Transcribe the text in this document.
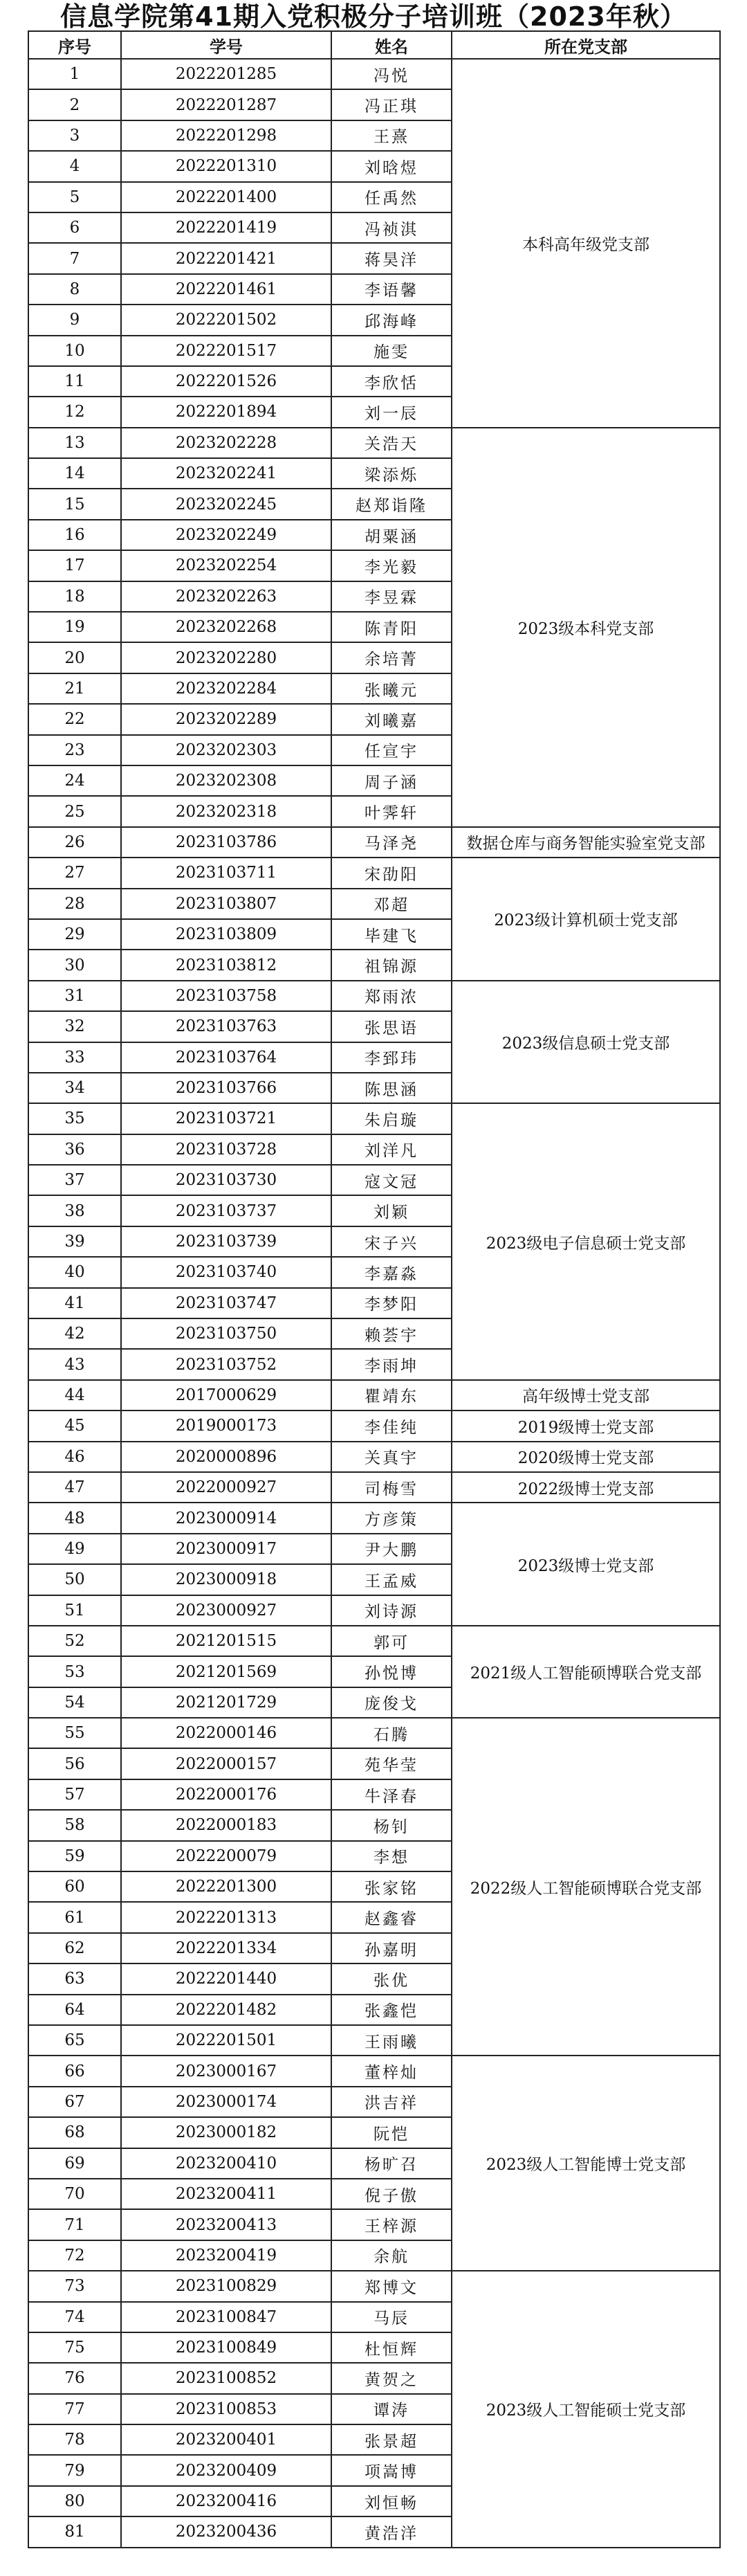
信息学院第41期入党积极分子培训班（2023年秋）
序号	学号	姓名	所在党支部
1	2022201285	冯悦	本科高年级党支部
2	2022201287	冯正琪	
3	2022201298	王熹	
4	2022201310	刘晗煜	
5	2022201400	任禹然	
6	2022201419	冯祯淇	
7	2022201421	蒋昊洋	
8	2022201461	李语馨	
9	2022201502	邱海峰	
10	2022201517	施雯	
11	2022201526	李欣恬	
12	2022201894	刘一辰	
13	2023202228	关浩天	2023级本科党支部
14	2023202241	梁添烁	
15	2023202245	赵郑诣隆	
16	2023202249	胡粟涵	
17	2023202254	李光毅	
18	2023202263	李昱霖	
19	2023202268	陈青阳	
20	2023202280	余培菁	
21	2023202284	张曦元	
22	2023202289	刘曦嘉	
23	2023202303	任宣宇	
24	2023202308	周子涵	
25	2023202318	叶霁轩	
26	2023103786	马泽尧	数据仓库与商务智能实验室党支部
27	2023103711	宋劭阳	2023级计算机硕士党支部
28	2023103807	邓超	
29	2023103809	毕建飞	
30	2023103812	祖锦源	
31	2023103758	郑雨浓	2023级信息硕士党支部
32	2023103763	张思语	
33	2023103764	李郅玮	
34	2023103766	陈思涵	
35	2023103721	朱启璇	2023级电子信息硕士党支部
36	2023103728	刘洋凡	
37	2023103730	寇文冠	
38	2023103737	刘颖	
39	2023103739	宋子兴	
40	2023103740	李嘉淼	
41	2023103747	李梦阳	
42	2023103750	赖荟宇	
43	2023103752	李雨坤	
44	2017000629	瞿靖东	高年级博士党支部
45	2019000173	李佳纯	2019级博士党支部
46	2020000896	关真宇	2020级博士党支部
47	2022000927	司梅雪	2022级博士党支部
48	2023000914	方彦策	2023级博士党支部
49	2023000917	尹大鹏	
50	2023000918	王孟威	
51	2023000927	刘诗源	
52	2021201515	郭可	2021级人工智能硕博联合党支部
53	2021201569	孙悦博	
54	2021201729	庞俊戈	
55	2022000146	石腾	2022级人工智能硕博联合党支部
56	2022000157	苑华莹	
57	2022000176	牛泽春	
58	2022000183	杨钊	
59	2022200079	李想	
60	2022201300	张家铭	
61	2022201313	赵鑫睿	
62	2022201334	孙嘉明	
63	2022201440	张优	
64	2022201482	张鑫恺	
65	2022201501	王雨曦	
66	2023000167	董梓灿	2023级人工智能博士党支部
67	2023000174	洪吉祥	
68	2023000182	阮恺	
69	2023200410	杨旷召	
70	2023200411	倪子傲	
71	2023200413	王梓源	
72	2023200419	余航	
73	2023100829	郑博文	2023级人工智能硕士党支部
74	2023100847	马辰	
75	2023100849	杜恒辉	
76	2023100852	黄贺之	
77	2023100853	谭涛	
78	2023200401	张景超	
79	2023200409	项嵩博	
80	2023200416	刘恒畅	
81	2023200436	黄浩洋	
